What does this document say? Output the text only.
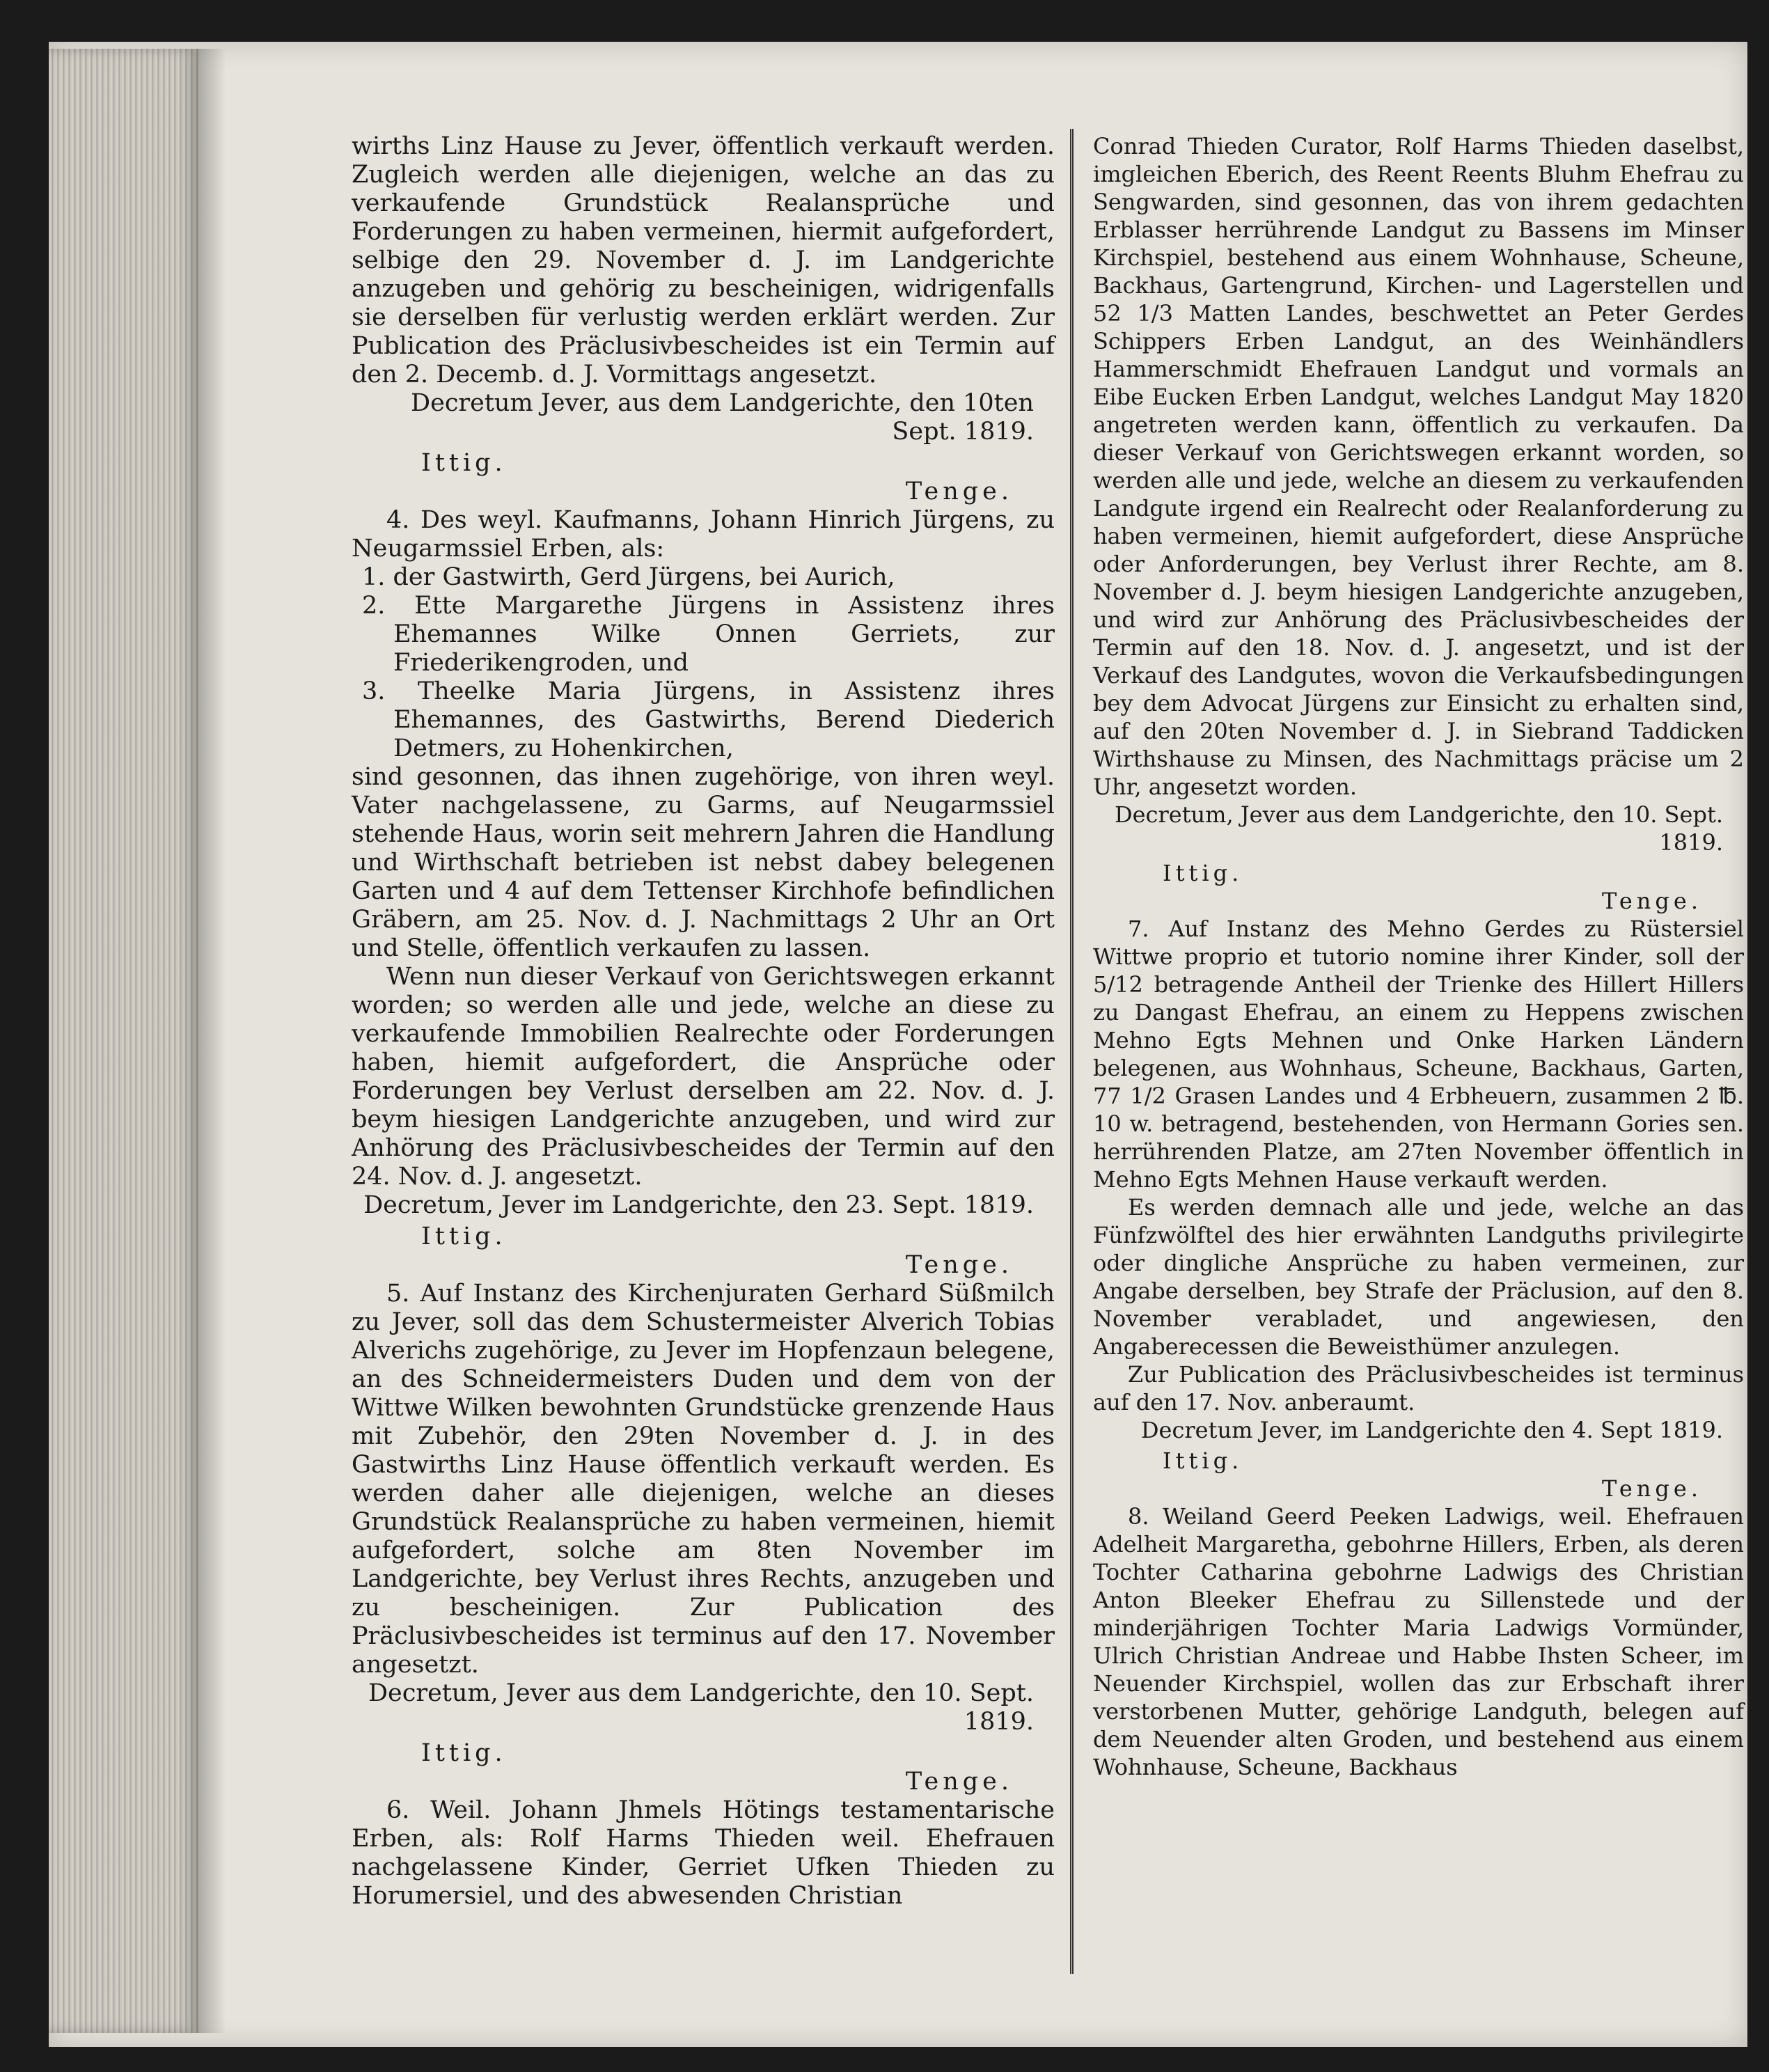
wirths Linz Hause zu Jever, öffentlich verkauft werden. Zugleich werden alle diejenigen, welche an das zu verkaufende Grundstück Realansprüche und Forderungen zu haben vermeinen, hiermit aufgefordert, selbige den 29. November d. J. im Landgerichte anzugeben und gehörig zu bescheinigen, widrigenfalls sie derselben für verlustig werden erklärt werden. Zur Publication des Präclusivbescheides ist ein Termin auf den 2. Decemb. d. J. Vormittags angesetzt.

Decretum Jever, aus dem Landgerichte, den 10ten Sept. 1819.

Ittig.

Tenge.

4. Des weyl. Kaufmanns, Johann Hinrich Jürgens, zu Neugarmssiel Erben, als:

1. der Gastwirth, Gerd Jürgens, bei Aurich,

2. Ette Margarethe Jürgens in Assistenz ihres Ehemannes Wilke Onnen Gerriets, zur Friederikengroden, und

3. Theelke Maria Jürgens, in Assistenz ihres Ehemannes, des Gastwirths, Berend Diederich Detmers, zu Hohenkirchen,

sind gesonnen, das ihnen zugehörige, von ihren weyl. Vater nachgelassene, zu Garms, auf Neugarmssiel stehende Haus, worin seit mehrern Jahren die Handlung und Wirthschaft betrieben ist nebst dabey belegenen Garten und 4 auf dem Tettenser Kirchhofe befindlichen Gräbern, am 25. Nov. d. J. Nachmittags 2 Uhr an Ort und Stelle, öffentlich verkaufen zu lassen.

Wenn nun dieser Verkauf von Gerichtswegen erkannt worden; so werden alle und jede, welche an diese zu verkaufende Immobilien Realrechte oder Forderungen haben, hiemit aufgefordert, die Ansprüche oder Forderungen bey Verlust derselben am 22. Nov. d. J. beym hiesigen Landgerichte anzugeben, und wird zur Anhörung des Präclusivbescheides der Termin auf den 24. Nov. d. J. angesetzt.

Decretum, Jever im Landgerichte, den 23. Sept. 1819.

Ittig.

Tenge.

5. Auf Instanz des Kirchenjuraten Gerhard Süßmilch zu Jever, soll das dem Schustermeister Alverich Tobias Alverichs zugehörige, zu Jever im Hopfenzaun belegene, an des Schneidermeisters Duden und dem von der Wittwe Wilken bewohnten Grundstücke grenzende Haus mit Zubehör, den 29ten November d. J. in des Gastwirths Linz Hause öffentlich verkauft werden. Es werden daher alle diejenigen, welche an dieses Grundstück Realansprüche zu haben vermeinen, hiemit aufgefordert, solche am 8ten November im Landgerichte, bey Verlust ihres Rechts, anzugeben und zu bescheinigen. Zur Publication des Präclusivbescheides ist terminus auf den 17. November angesetzt.

Decretum, Jever aus dem Landgerichte, den 10. Sept. 1819.

Ittig.

Tenge.

6. Weil. Johann Jhmels Hötings testamentarische Erben, als: Rolf Harms Thieden weil. Ehefrauen nachgelassene Kinder, Gerriet Ufken Thieden zu Horumersiel, und des abwesenden Christian

Conrad Thieden Curator, Rolf Harms Thieden daselbst, imgleichen Eberich, des Reent Reents Bluhm Ehefrau zu Sengwarden, sind gesonnen, das von ihrem gedachten Erblasser herrührende Landgut zu Bassens im Minser Kirchspiel, bestehend aus einem Wohnhause, Scheune, Backhaus, Gartengrund, Kirchen- und Lagerstellen und 52 1/3 Matten Landes, beschwettet an Peter Gerdes Schippers Erben Landgut, an des Weinhändlers Hammerschmidt Ehefrauen Landgut und vormals an Eibe Eucken Erben Landgut, welches Landgut May 1820 angetreten werden kann, öffentlich zu verkaufen. Da dieser Verkauf von Gerichtswegen erkannt worden, so werden alle und jede, welche an diesem zu verkaufenden Landgute irgend ein Realrecht oder Realanforderung zu haben vermeinen, hiemit aufgefordert, diese Ansprüche oder Anforderungen, bey Verlust ihrer Rechte, am 8. November d. J. beym hiesigen Landgerichte anzugeben, und wird zur Anhörung des Präclusivbescheides der Termin auf den 18. Nov. d. J. angesetzt, und ist der Verkauf des Landgutes, wovon die Verkaufsbedingungen bey dem Advocat Jürgens zur Einsicht zu erhalten sind, auf den 20ten November d. J. in Siebrand Taddicken Wirthshause zu Minsen, des Nachmittags präcise um 2 Uhr, angesetzt worden.

Decretum, Jever aus dem Landgerichte, den 10. Sept. 1819.

Ittig.

Tenge.

7. Auf Instanz des Mehno Gerdes zu Rüstersiel Wittwe proprio et tutorio nomine ihrer Kinder, soll der 5/12 betragende Antheil der Trienke des Hillert Hillers zu Dangast Ehefrau, an einem zu Heppens zwischen Mehno Egts Mehnen und Onke Harken Ländern belegenen, aus Wohnhaus, Scheune, Backhaus, Garten, 77 1/2 Grasen Landes und 4 Erbheuern, zusammen 2 ℔. 10 w. betragend, bestehenden, von Hermann Gories sen. herrührenden Platze, am 27ten November öffentlich in Mehno Egts Mehnen Hause verkauft werden.

Es werden demnach alle und jede, welche an das Fünfzwölftel des hier erwähnten Landguths privilegirte oder dingliche Ansprüche zu haben vermeinen, zur Angabe derselben, bey Strafe der Präclusion, auf den 8. November verabladet, und angewiesen, den Angaberecessen die Beweisthümer anzulegen.

Zur Publication des Präclusivbescheides ist terminus auf den 17. Nov. anberaumt.

Decretum Jever, im Landgerichte den 4. Sept 1819.

Ittig.

Tenge.

8. Weiland Geerd Peeken Ladwigs, weil. Ehefrauen Adelheit Margaretha, gebohrne Hillers, Erben, als deren Tochter Catharina gebohrne Ladwigs des Christian Anton Bleeker Ehefrau zu Sillenstede und der minderjährigen Tochter Maria Ladwigs Vormünder, Ulrich Christian Andreae und Habbe Ihsten Scheer, im Neuender Kirchspiel, wollen das zur Erbschaft ihrer verstorbenen Mutter, gehörige Landguth, belegen auf dem Neuender alten Groden, und bestehend aus einem Wohnhause, Scheune, Backhaus
